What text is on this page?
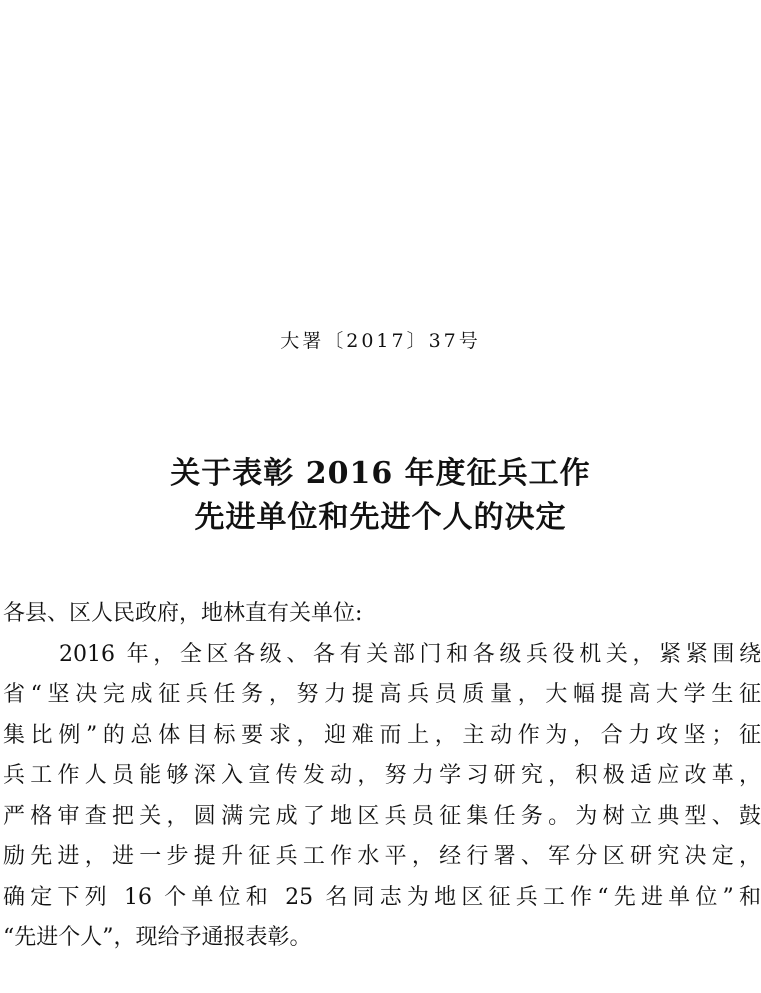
大署〔2017〕37号
关于表彰 2016 年度征兵工作
先进单位和先进个人的决定
各县、区人民政府，地林直有关单位:
2016 年，全区各级、各有关部门和各级兵役机关，紧紧围绕
省“坚决完成征兵任务，努力提高兵员质量，大幅提高大学生征
集比例”的总体目标要求，迎难而上，主动作为，合力攻坚；征
兵工作人员能够深入宣传发动，努力学习研究，积极适应改革，
严格审查把关，圆满完成了地区兵员征集任务。为树立典型、鼓
励先进，进一步提升征兵工作水平，经行署、军分区研究决定，
确定下列 16 个单位和 25 名同志为地区征兵工作“先进单位”和
“先进个人”，现给予通报表彰。
